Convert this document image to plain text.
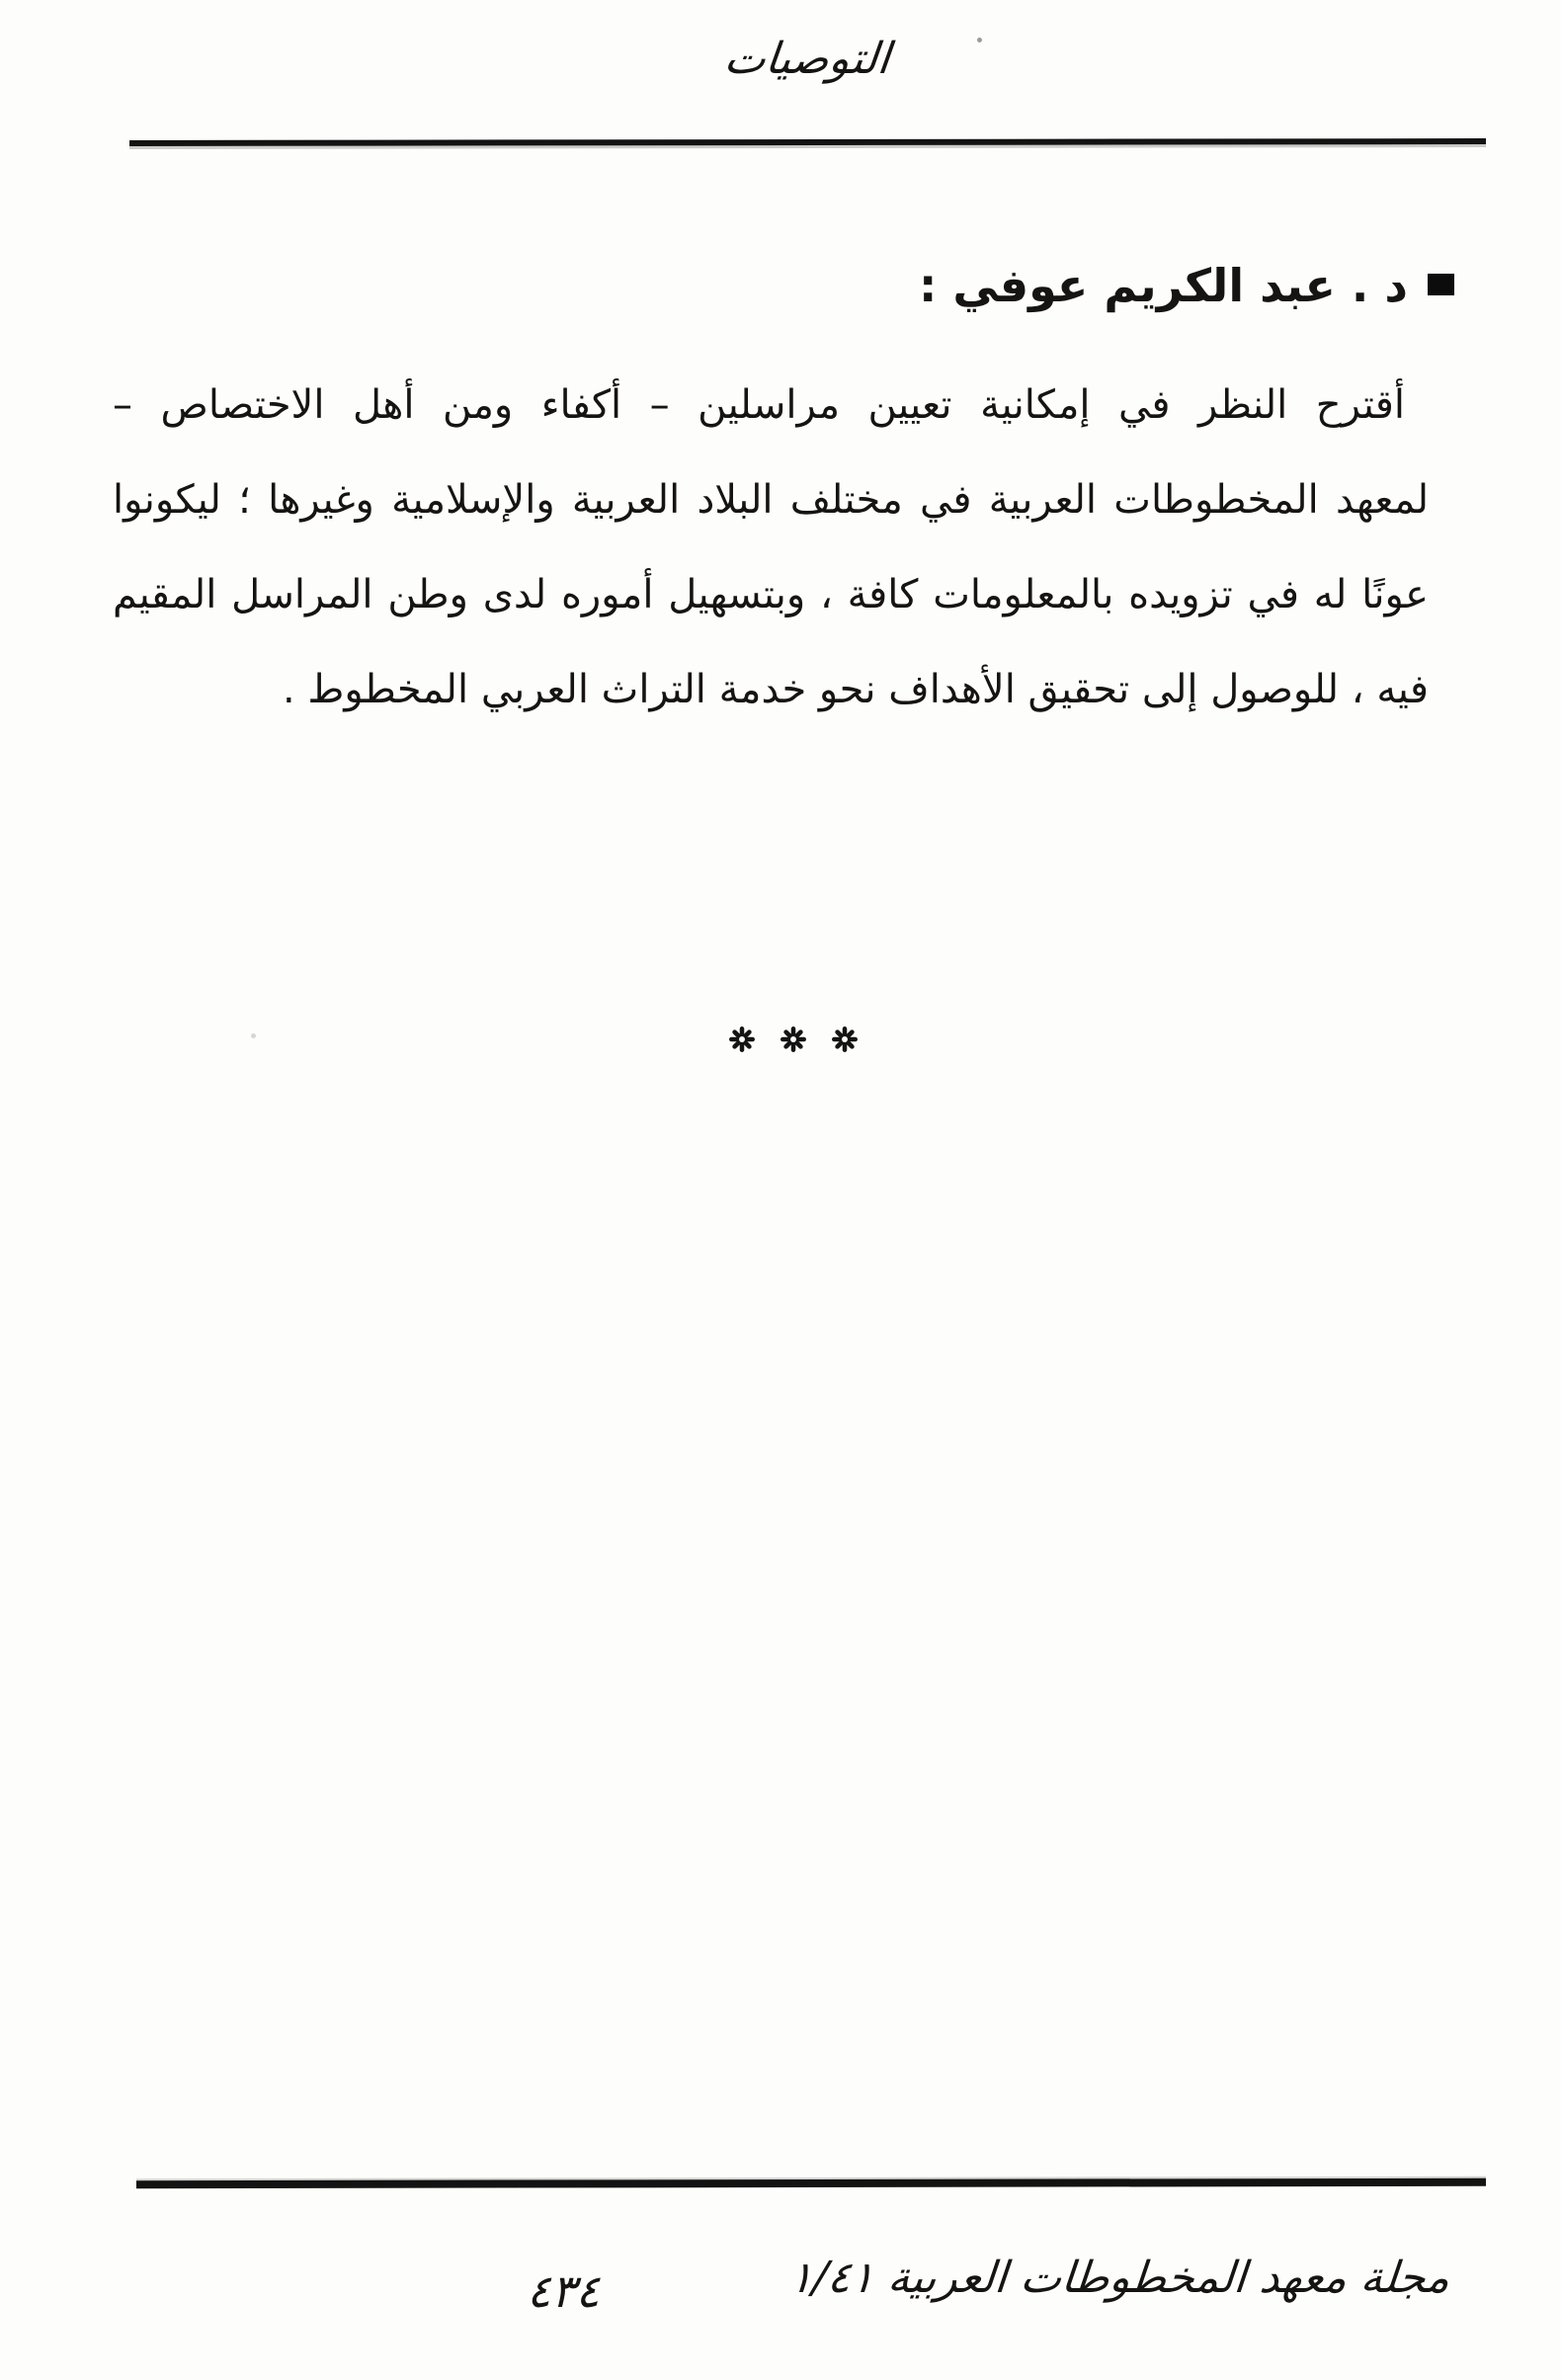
التوصيات
د . عبد الكريم عوفي :
أقترح النظر في إمكانية تعيين مراسلين – أكفاء ومن أهل الاختصاص –
لمعهد المخطوطات العربية في مختلف البلاد العربية والإسلامية وغيرها ؛ ليكونوا
عونًا له في تزويده بالمعلومات كافة ، وبتسهيل أموره لدى وطن المراسل المقيم
فيه ، للوصول إلى تحقيق الأهداف نحو خدمة التراث العربي المخطوط .
مجلة معهد المخطوطات العربية ١/٤١
٤٣٤
